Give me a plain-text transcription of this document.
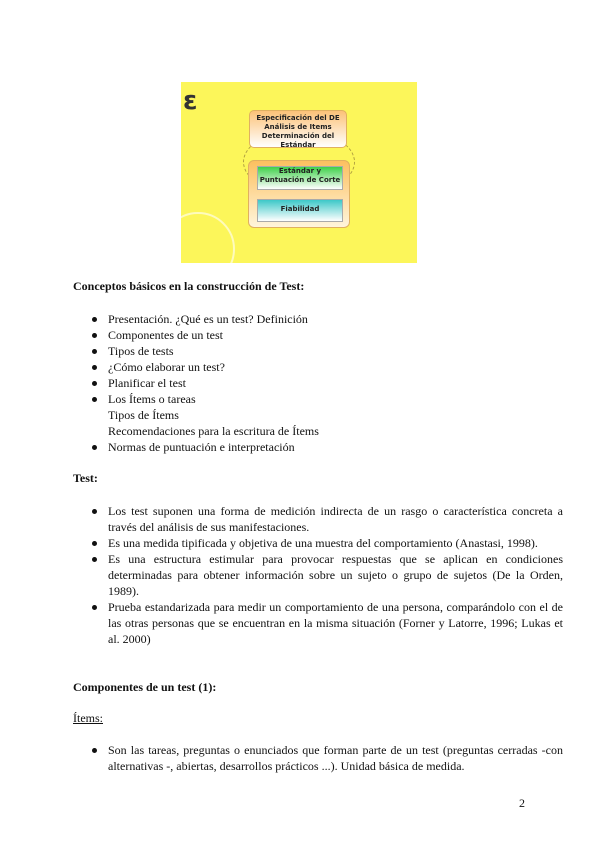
ε
Especificación del DE
Análisis de Items
Determinación del Estándar
Estándar y
Puntuación de Corte
Fiabilidad
Conceptos básicos en la construcción de Test:
Presentación. ¿Qué es un test? Definición
Componentes de un test
Tipos de tests
¿Cómo elaborar un test?
Planificar el test
Los Ítems o tareas
Tipos de Ítems
Recomendaciones para la escritura de Ítems
Normas de puntuación e interpretación
Test:
Los test suponen una forma de medición indirecta de un rasgo o característica concreta a través del análisis de sus manifestaciones.
Es una medida tipificada y objetiva de una muestra del comportamiento (Anastasi, 1998).
Es una estructura estimular para provocar respuestas que se aplican en condiciones determinadas para obtener información sobre un sujeto o grupo de sujetos (De la Orden, 1989).
Prueba estandarizada para medir un comportamiento de una persona, comparándolo con el de las otras personas que se encuentran en la misma situación (Forner y Latorre, 1996; Lukas et al. 2000)
Componentes de un test (1):
Ítems:
Son las tareas, preguntas o enunciados que forman parte de un test (preguntas cerradas -con alternativas -, abiertas, desarrollos prácticos ...). Unidad básica de medida.
2
